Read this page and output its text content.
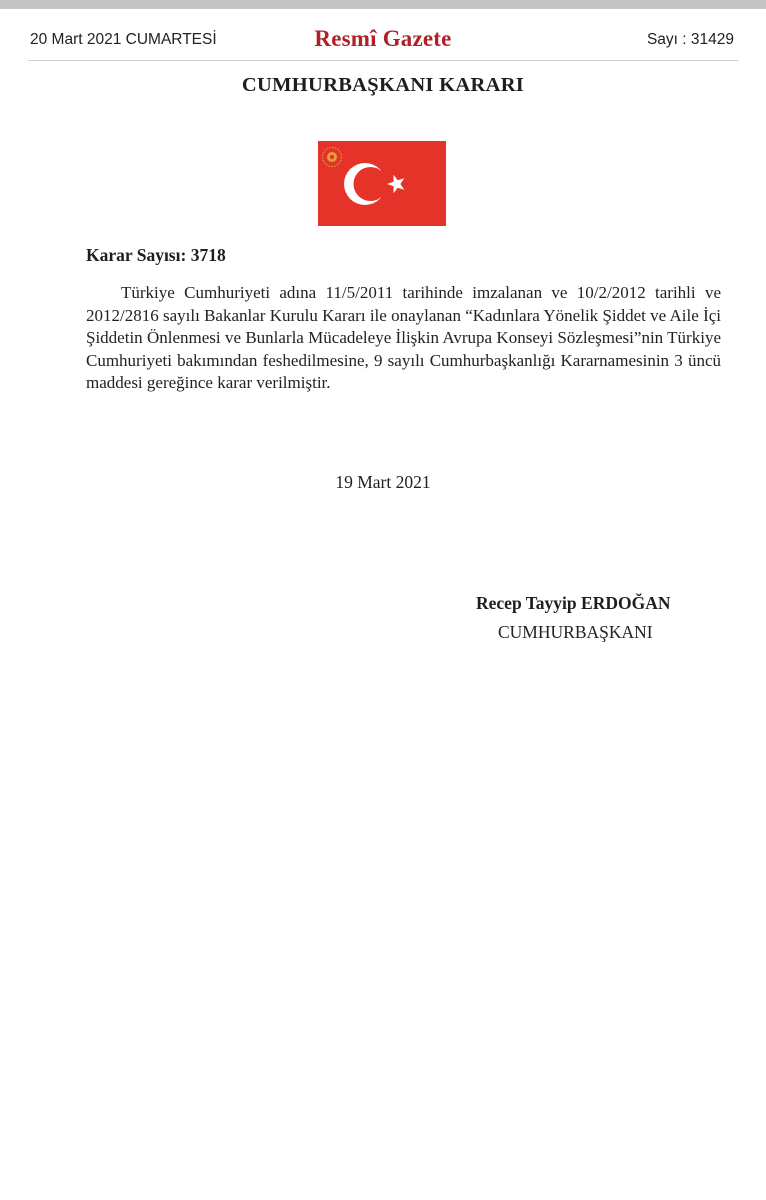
20 Mart 2021 CUMARTESİ	Resmî Gazete	Sayı : 31429
CUMHURBAŞKANI KARARI
Karar Sayısı: 3718

Türkiye Cumhuriyeti adına 11/5/2011 tarihinde imzalanan ve 10/2/2012 tarihli ve 2012/2816 sayılı Bakanlar Kurulu Kararı ile onaylanan “Kadınlara Yönelik Şiddet ve Aile İçi Şiddetin Önlenmesi ve Bunlarla Mücadeleye İlişkin Avrupa Konseyi Sözleşmesi”nin Türkiye Cumhuriyeti bakımından feshedilmesine, 9 sayılı Cumhurbaşkanlığı Kararnamesinin 3 üncü maddesi gereğince karar verilmiştir.

19 Mart 2021
Recep Tayyip ERDOĞAN
CUMHURBAŞKANI
